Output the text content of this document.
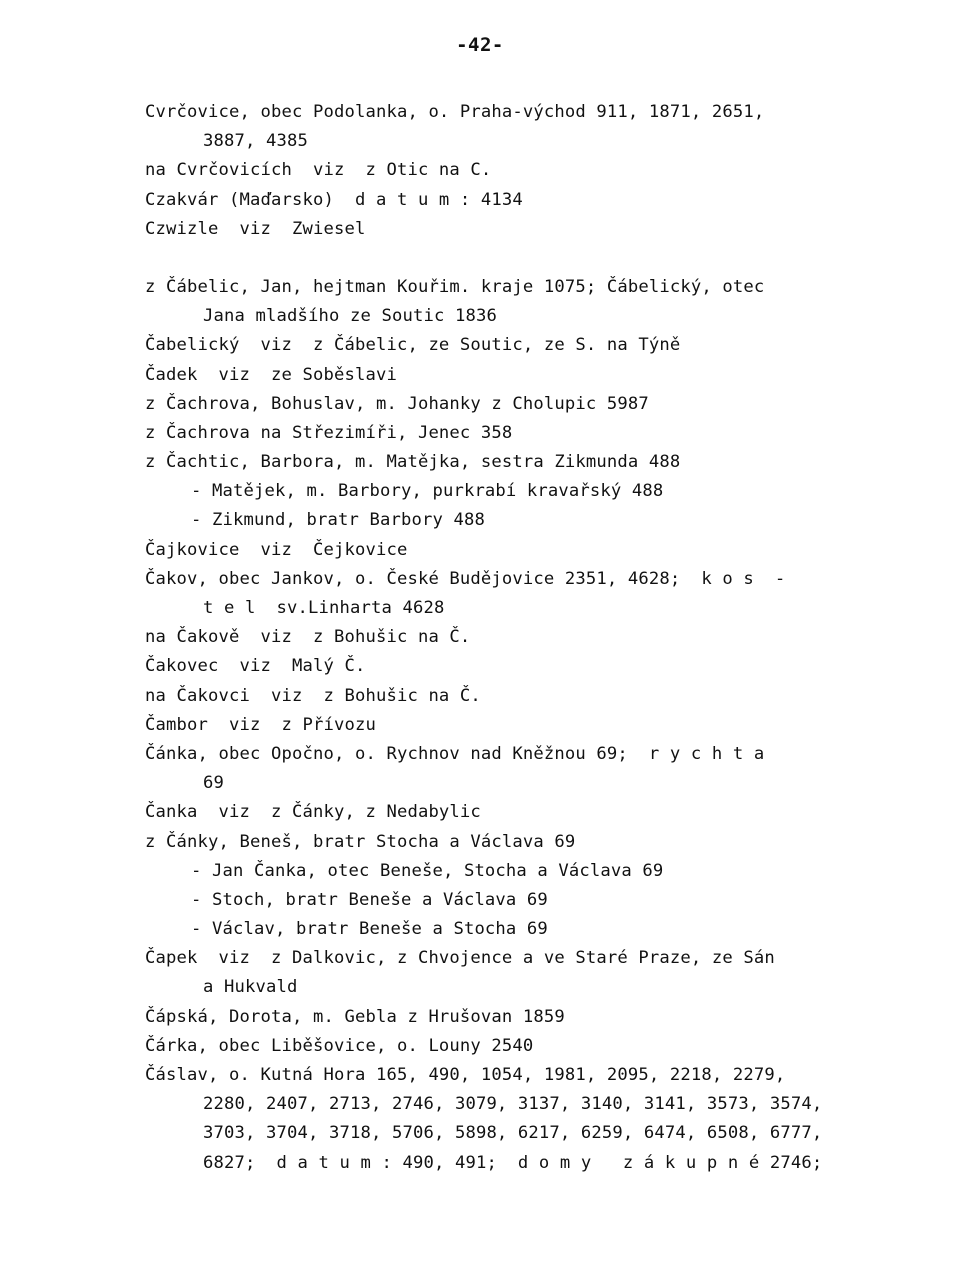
-42-
Cvrčovice, obec Podolanka, o. Praha-východ 911, 1871, 2651,
3887, 4385
na Cvrčovicích  viz  z Otic na C.
Czakvár (Maďarsko)  d a t u m : 4134
Czwizle  viz  Zwiesel
z Čábelic, Jan, hejtman Kouřim. kraje 1075; Čábelický, otec
Jana mladšího ze Soutic 1836
Čabelický  viz  z Čábelic, ze Soutic, ze S. na Týně
Čadek  viz  ze Soběslavi
z Čachrova, Bohuslav, m. Johanky z Cholupic 5987
z Čachrova na Střezimíři, Jenec 358
z Čachtic, Barbora, m. Matějka, sestra Zikmunda 488
- Matějek, m. Barbory, purkrabí kravařský 488
- Zikmund, bratr Barbory 488
Čajkovice  viz  Čejkovice
Čakov, obec Jankov, o. České Budějovice 2351, 4628;  k o s  -
t e l  sv.Linharta 4628
na Čakově  viz  z Bohušic na Č.
Čakovec  viz  Malý Č.
na Čakovci  viz  z Bohušic na Č.
Čambor  viz  z Přívozu
Čánka, obec Opočno, o. Rychnov nad Kněžnou 69;  r y c h t a
69
Čanka  viz  z Čánky, z Nedabylic
z Čánky, Beneš, bratr Stocha a Václava 69
- Jan Čanka, otec Beneše, Stocha a Václava 69
- Stoch, bratr Beneše a Václava 69
- Václav, bratr Beneše a Stocha 69
Čapek  viz  z Dalkovic, z Chvojence a ve Staré Praze, ze Sán
a Hukvald
Čápská, Dorota, m. Gebla z Hrušovan 1859
Čárka, obec Liběšovice, o. Louny 2540
Čáslav, o. Kutná Hora 165, 490, 1054, 1981, 2095, 2218, 2279,
2280, 2407, 2713, 2746, 3079, 3137, 3140, 3141, 3573, 3574,
3703, 3704, 3718, 5706, 5898, 6217, 6259, 6474, 6508, 6777,
6827;  d a t u m : 490, 491;  d o m y   z á k u p n é 2746;
